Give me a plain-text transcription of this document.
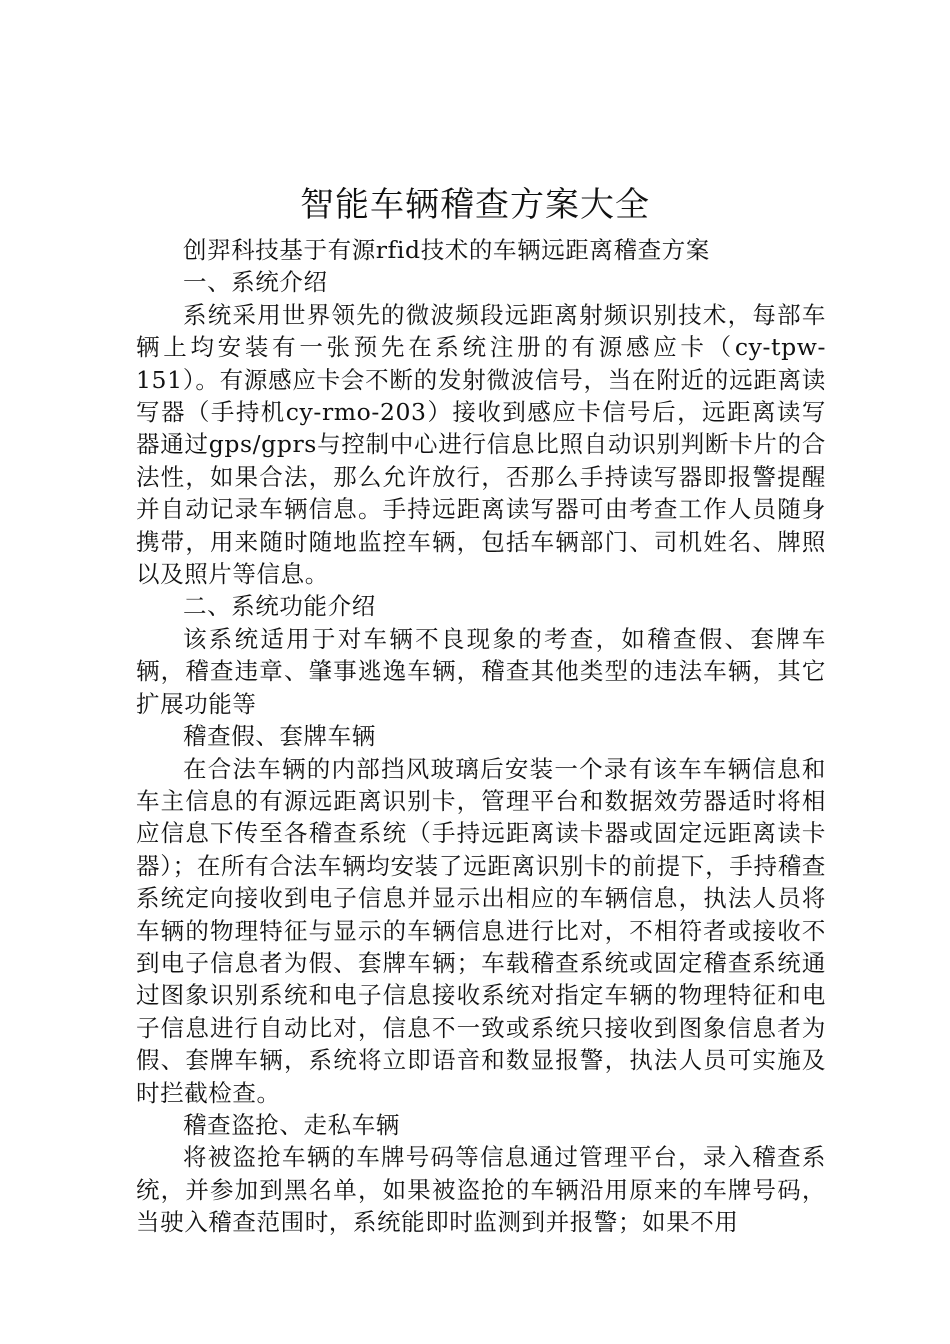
智能车辆稽查方案大全

创羿科技基于有源rfid技术的车辆远距离稽查方案

一、系统介绍

系统采用世界领先的微波频段远距离射频识别技术，每部车辆上均安装有一张预先在系统注册的有源感应卡（cy-tpw-151）。有源感应卡会不断的发射微波信号，当在附近的远距离读写器（手持机cy-rmo-203）接收到感应卡信号后，远距离读写器通过gps/gprs与控制中心进行信息比照自动识别判断卡片的合法性，如果合法，那么允许放行，否那么手持读写器即报警提醒并自动记录车辆信息。手持远距离读写器可由考查工作人员随身携带，用来随时随地监控车辆，包括车辆部门、司机姓名、牌照以及照片等信息。

二、系统功能介绍

该系统适用于对车辆不良现象的考查，如稽查假、套牌车辆，稽查违章、肇事逃逸车辆，稽查其他类型的违法车辆，其它扩展功能等

稽查假、套牌车辆

在合法车辆的内部挡风玻璃后安装一个录有该车车辆信息和车主信息的有源远距离识别卡，管理平台和数据效劳器适时将相应信息下传至各稽查系统（手持远距离读卡器或固定远距离读卡器）；在所有合法车辆均安装了远距离识别卡的前提下，手持稽查系统定向接收到电子信息并显示出相应的车辆信息，执法人员将车辆的物理特征与显示的车辆信息进行比对，不相符者或接收不到电子信息者为假、套牌车辆；车载稽查系统或固定稽查系统通过图象识别系统和电子信息接收系统对指定车辆的物理特征和电子信息进行自动比对，信息不一致或系统只接收到图象信息者为假、套牌车辆，系统将立即语音和数显报警，执法人员可实施及时拦截检查。

稽查盗抢、走私车辆

将被盗抢车辆的车牌号码等信息通过管理平台，录入稽查系统，并参加到黑名单，如果被盗抢的车辆沿用原来的车牌号码，当驶入稽查范围时，系统能即时监测到并报警；如果不用
